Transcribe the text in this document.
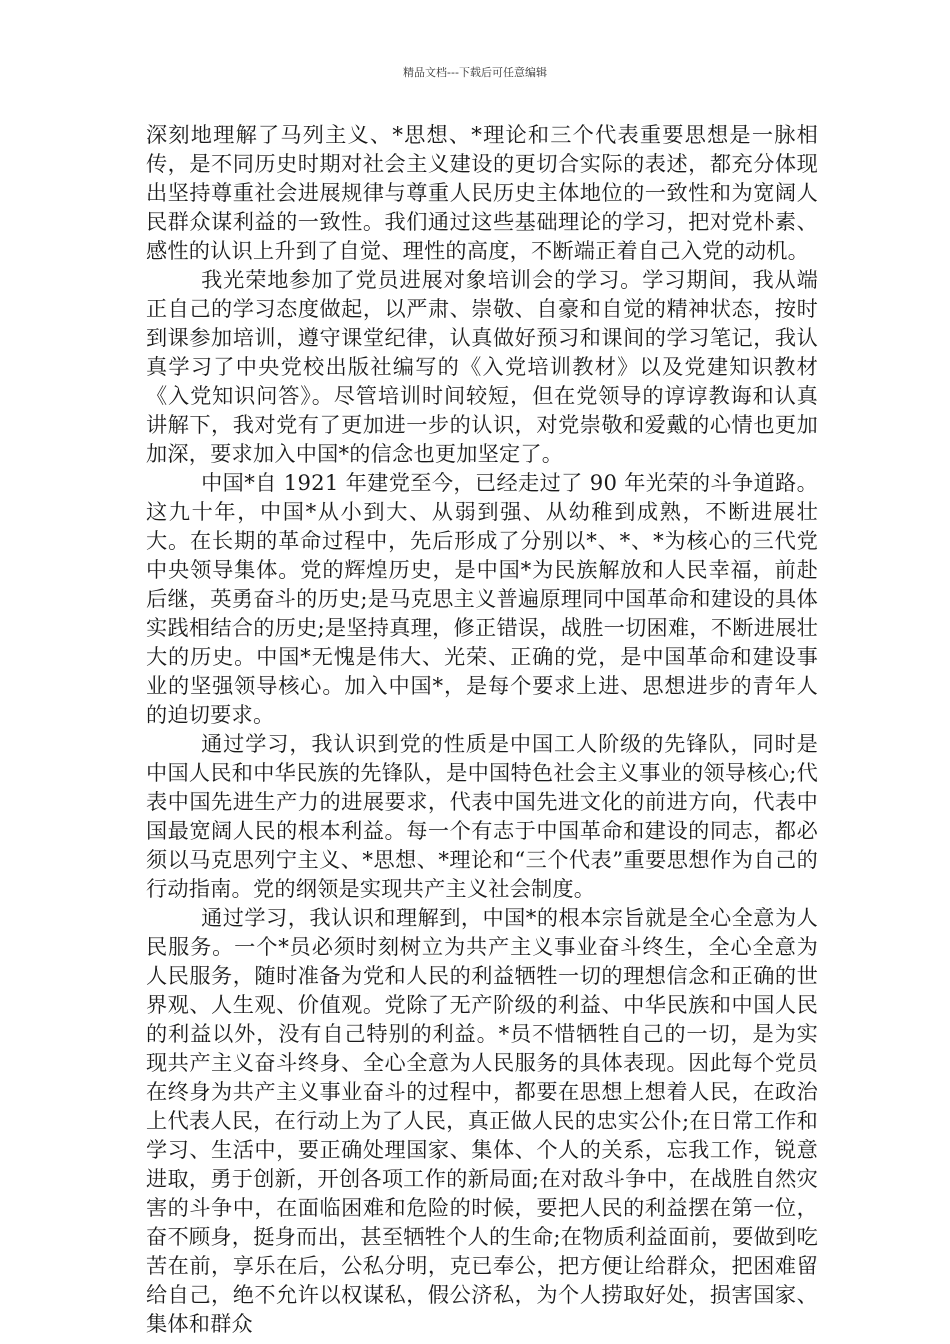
精品文档---下载后可任意编辑

深刻地理解了马列主义、*思想、*理论和三个代表重要思想是一脉相传，是不同历史时期对社会主义建设的更切合实际的表述，都充分体现出坚持尊重社会进展规律与尊重人民历史主体地位的一致性和为宽阔人民群众谋利益的一致性。我们通过这些基础理论的学习，把对党朴素、感性的认识上升到了自觉、理性的高度，不断端正着自己入党的动机。

我光荣地参加了党员进展对象培训会的学习。学习期间，我从端正自己的学习态度做起，以严肃、崇敬、自豪和自觉的精神状态，按时到课参加培训，遵守课堂纪律，认真做好预习和课间的学习笔记，我认真学习了中央党校出版社编写的《入党培训教材》以及党建知识教材《入党知识问答》。尽管培训时间较短，但在党领导的谆谆教诲和认真讲解下，我对党有了更加进一步的认识，对党崇敬和爱戴的心情也更加加深，要求加入中国*的信念也更加坚定了。

中国*自 1921 年建党至今，已经走过了 90 年光荣的斗争道路。这九十年，中国*从小到大、从弱到强、从幼稚到成熟，不断进展壮大。在长期的革命过程中，先后形成了分别以*、*、*为核心的三代党中央领导集体。党的辉煌历史，是中国*为民族解放和人民幸福，前赴后继，英勇奋斗的历史;是马克思主义普遍原理同中国革命和建设的具体实践相结合的历史;是坚持真理，修正错误，战胜一切困难，不断进展壮大的历史。中国*无愧是伟大、光荣、正确的党，是中国革命和建设事业的坚强领导核心。加入中国*，是每个要求上进、思想进步的青年人的迫切要求。

通过学习，我认识到党的性质是中国工人阶级的先锋队，同时是中国人民和中华民族的先锋队，是中国特色社会主义事业的领导核心;代表中国先进生产力的进展要求，代表中国先进文化的前进方向，代表中国最宽阔人民的根本利益。每一个有志于中国革命和建设的同志，都必须以马克思列宁主义、*思想、*理论和“三个代表”重要思想作为自己的行动指南。党的纲领是实现共产主义社会制度。

通过学习，我认识和理解到，中国*的根本宗旨就是全心全意为人民服务。一个*员必须时刻树立为共产主义事业奋斗终生，全心全意为人民服务，随时准备为党和人民的利益牺牲一切的理想信念和正确的世界观、人生观、价值观。党除了无产阶级的利益、中华民族和中国人民的利益以外，没有自己特别的利益。*员不惜牺牲自己的一切，是为实现共产主义奋斗终身、全心全意为人民服务的具体表现。因此每个党员在终身为共产主义事业奋斗的过程中，都要在思想上想着人民，在政治上代表人民，在行动上为了人民，真正做人民的忠实公仆;在日常工作和学习、生活中，要正确处理国家、集体、个人的关系，忘我工作，锐意进取，勇于创新，开创各项工作的新局面;在对敌斗争中，在战胜自然灾害的斗争中，在面临困难和危险的时候，要把人民的利益摆在第一位，奋不顾身，挺身而出，甚至牺牲个人的生命;在物质利益面前，要做到吃苦在前，享乐在后，公私分明，克已奉公，把方便让给群众，把困难留给自己，绝不允许以权谋私，假公济私，为个人捞取好处，损害国家、集体和群众
